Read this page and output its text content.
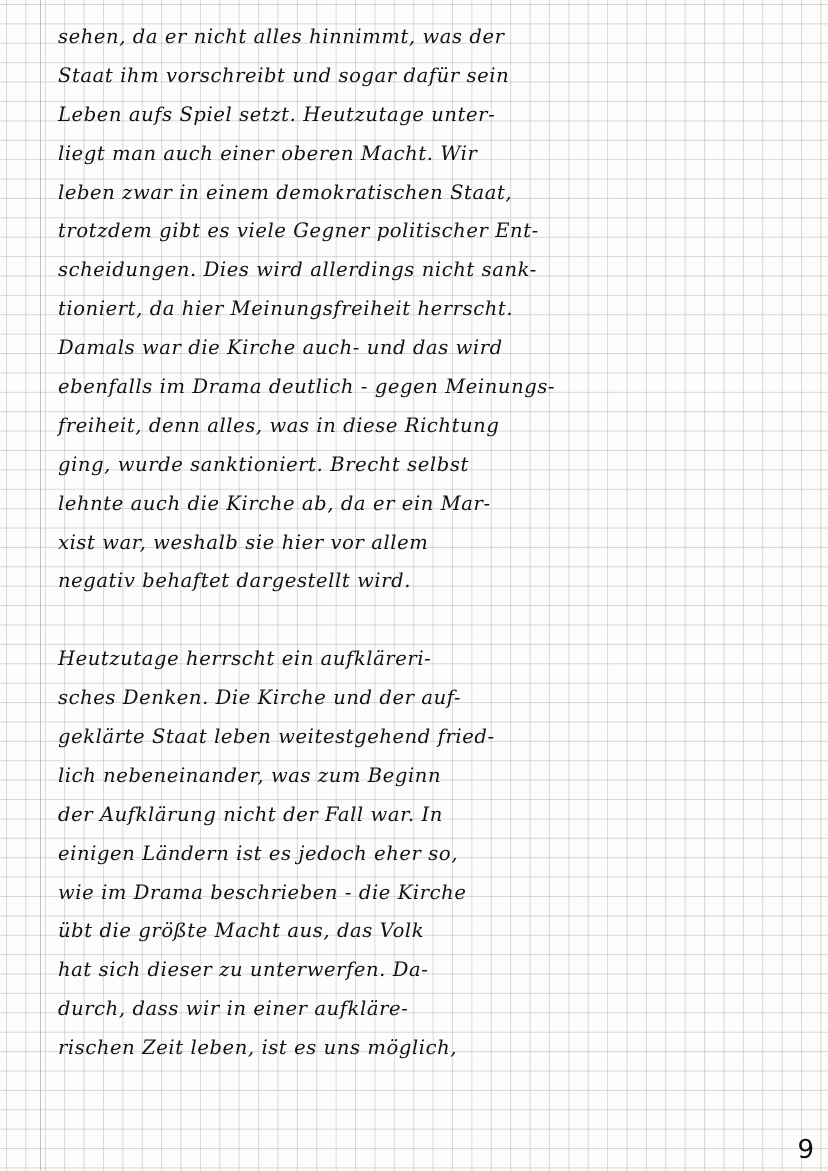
sehen, da er nicht alles hinnimmt, was der
Staat ihm vorschreibt und sogar dafür sein
Leben aufs Spiel setzt. Heutzutage unter-
liegt man auch einer oberen Macht. Wir
leben zwar in einem demokratischen Staat,
trotzdem gibt es viele Gegner politischer Ent-
scheidungen. Dies wird allerdings nicht sank-
tioniert, da hier Meinungsfreiheit herrscht.
Damals war die Kirche auch- und das wird
ebenfalls im Drama deutlich - gegen Meinungs-
freiheit, denn alles, was in diese Richtung
ging, wurde sanktioniert. Brecht selbst
lehnte auch die Kirche ab, da er ein Mar-
xist war, weshalb sie hier vor allem
negativ behaftet dargestellt wird.
Heutzutage herrscht ein aufkläreri-
sches Denken. Die Kirche und der auf-
geklärte Staat leben weitestgehend fried-
lich nebeneinander, was zum Beginn
der Aufklärung nicht der Fall war. In
einigen Ländern ist es jedoch eher so,
wie im Drama beschrieben - die Kirche
übt die größte Macht aus, das Volk
hat sich dieser zu unterwerfen. Da-
durch, dass wir in einer aufkläre-
rischen Zeit leben, ist es uns möglich,
9
